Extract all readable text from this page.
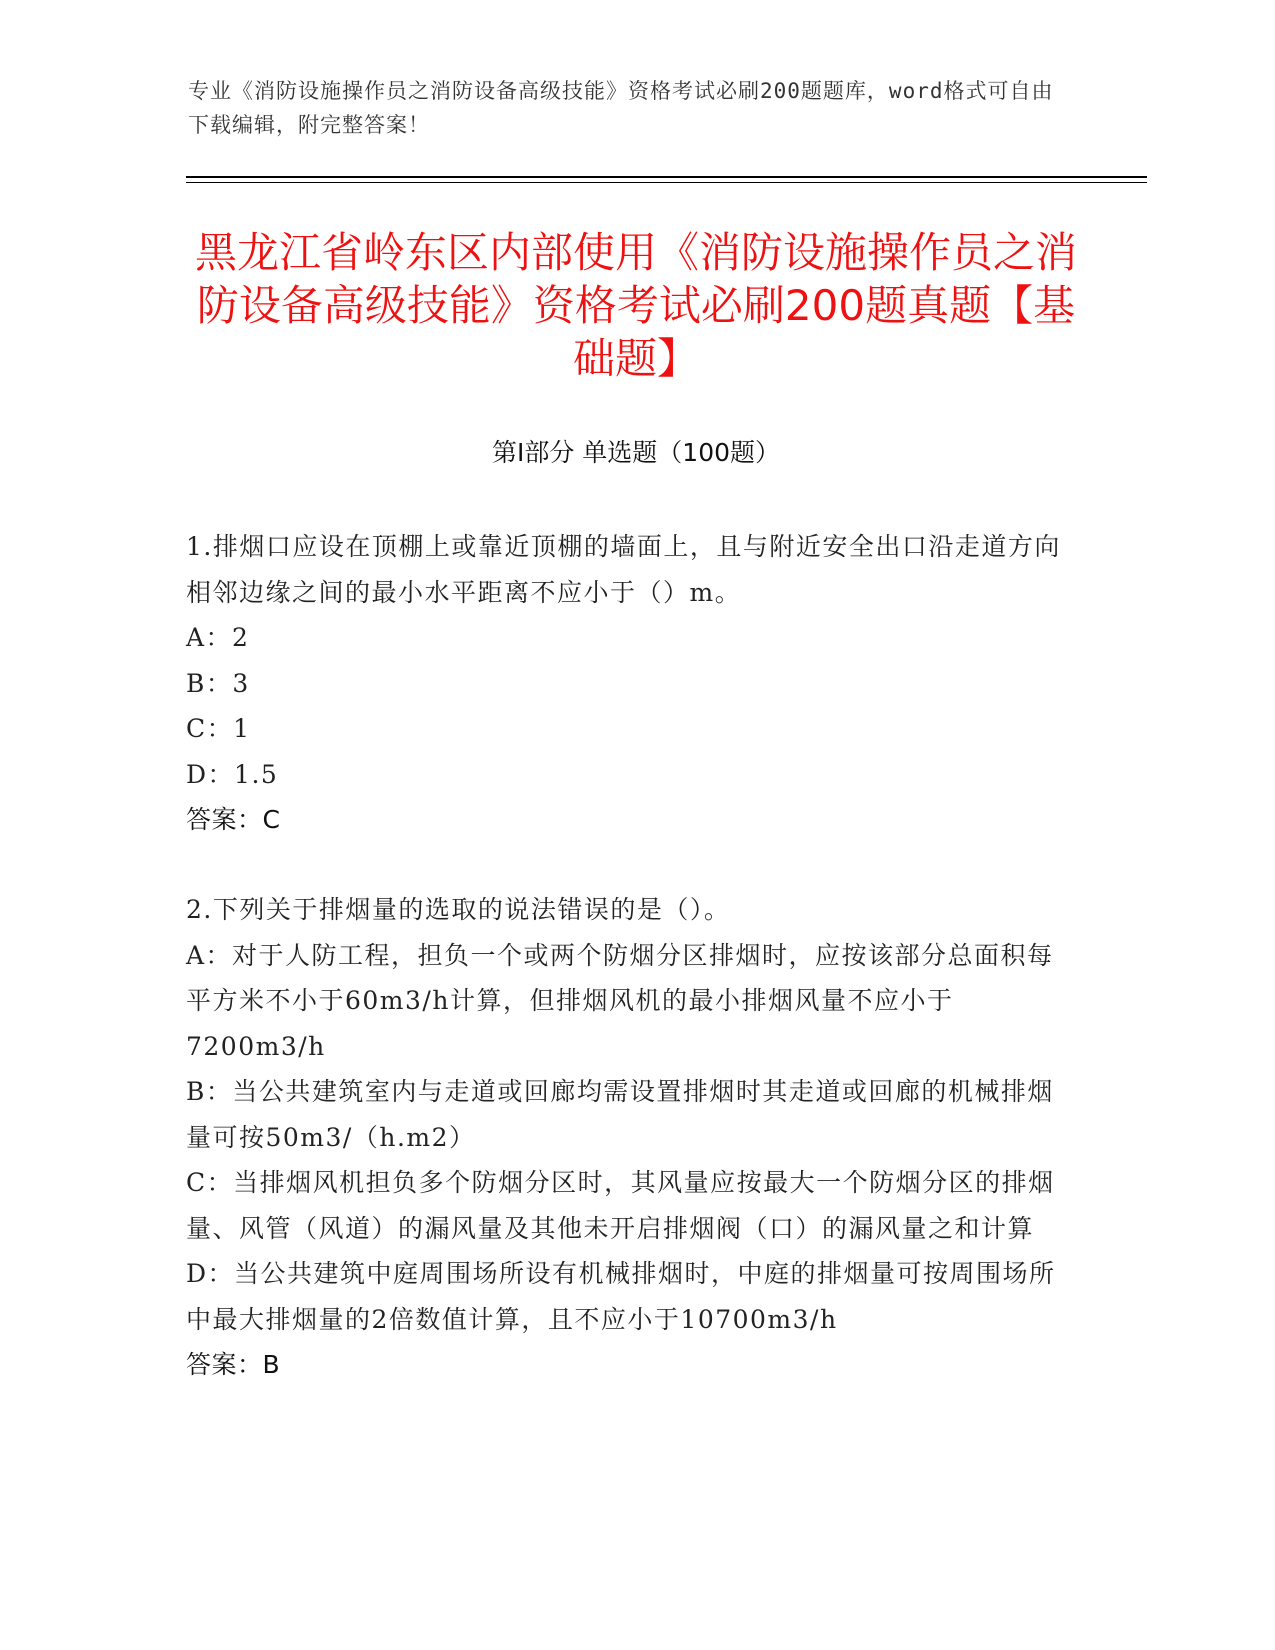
专业《消防设施操作员之消防设备高级技能》资格考试必刷200题题库，word格式可自由下载编辑，附完整答案！
黑龙江省岭东区内部使用《消防设施操作员之消防设备高级技能》资格考试必刷200题真题【基础题】
第Ⅰ部分 单选题（100题）

1.排烟口应设在顶棚上或靠近顶棚的墙面上，且与附近安全出口沿走道方向相邻边缘之间的最小水平距离不应小于（）m。

A：2

B：3

C：1

D：1.5

答案：C

2.下列关于排烟量的选取的说法错误的是（）。

A：对于人防工程，担负一个或两个防烟分区排烟时，应按该部分总面积每平方米不小于60m3/h计算，但排烟风机的最小排烟风量不应小于7200m3/h

B：当公共建筑室内与走道或回廊均需设置排烟时其走道或回廊的机械排烟量可按50m3/（h.m2）

C：当排烟风机担负多个防烟分区时，其风量应按最大一个防烟分区的排烟量、风管（风道）的漏风量及其他未开启排烟阀（口）的漏风量之和计算

D：当公共建筑中庭周围场所设有机械排烟时，中庭的排烟量可按周围场所中最大排烟量的2倍数值计算，且不应小于10700m3/h

答案：B
